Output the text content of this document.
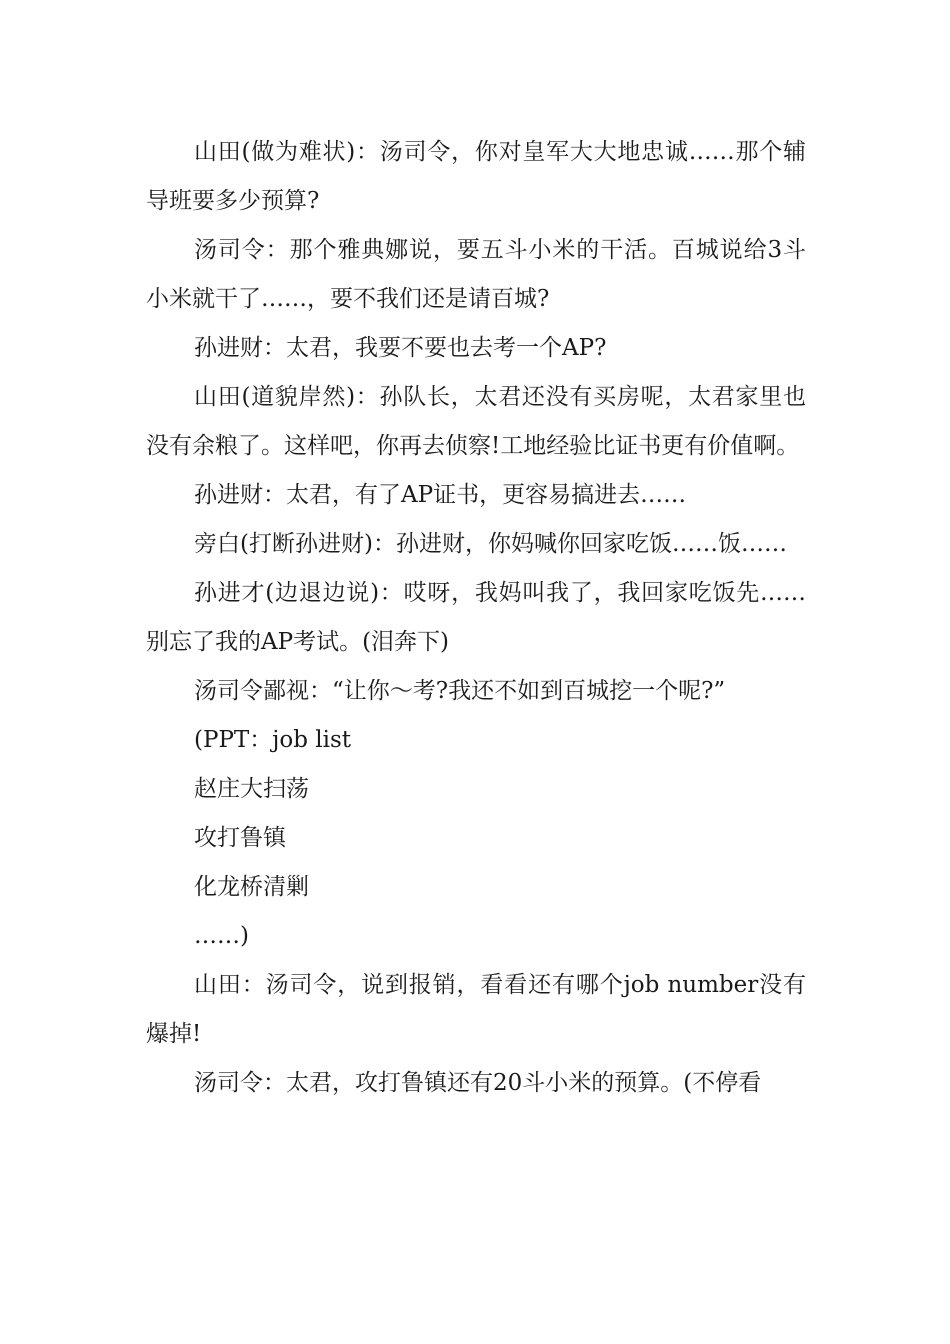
山田(做为难状)：汤司令，你对皇军大大地忠诚……那个辅导班要多少预算?

汤司令：那个雅典娜说，要五斗小米的干活。百城说给3斗小米就干了……，要不我们还是请百城?

孙进财：太君，我要不要也去考一个AP?

山田(道貌岸然)：孙队长，太君还没有买房呢，太君家里也没有余粮了。这样吧，你再去侦察!工地经验比证书更有价值啊。

孙进财：太君，有了AP证书，更容易搞进去……

旁白(打断孙进财)：孙进财，你妈喊你回家吃饭……饭……

孙进才(边退边说)：哎呀，我妈叫我了，我回家吃饭先……别忘了我的AP考试。(泪奔下)

汤司令鄙视：“让你～考?我还不如到百城挖一个呢?”

(PPT：job list

赵庄大扫荡

攻打鲁镇

化龙桥清剿

……)

山田：汤司令，说到报销，看看还有哪个job number没有爆掉!

汤司令：太君，攻打鲁镇还有20斗小米的预算。(不停看
